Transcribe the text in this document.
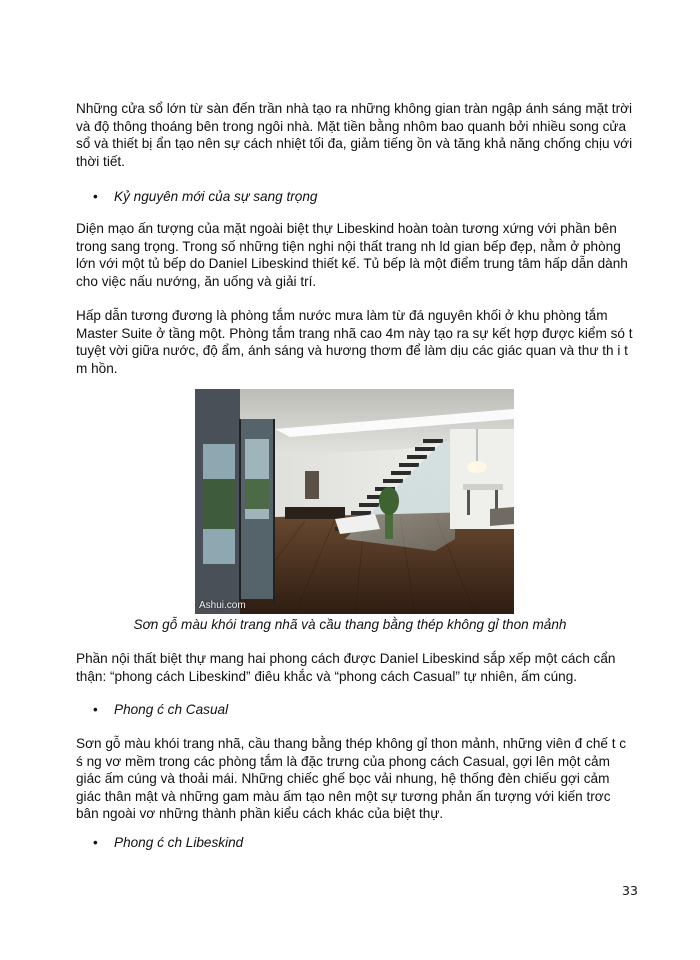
Những cửa sổ lớn từ sàn đến trần nhà tạo ra những không gian tràn ngập ánh sáng mặt trời và độ thông thoáng bên trong ngôi nhà. Mặt tiền bằng nhôm bao quanh bởi nhiều song cửa sổ và thiết bị ẩn tạo nên sự cách nhiệt tối đa, giảm tiếng ồn và tăng khả năng chống chịu với thời tiết.

• Kỷ nguyên mới của sự sang trọng

Diện mạo ấn tượng của mặt ngoài biệt thự Libeskind hoàn toàn tương xứng với phần bên trong sang trọng. Trong số những tiện nghi nội thất trang nh ld gian bếp đẹp, nằm ở phòng lớn với một tủ bếp do Daniel Libeskind thiết kế. Tủ bếp là một điểm trung tâm hấp dẫn dành cho việc nấu nướng, ăn uống và giải trí.

Hấp dẫn tương đương là phòng tắm nước mưa làm từ đá nguyên khối ở khu phòng tắm Master Suite ở tầng một. Phòng tắm trang nhã cao 4m này tạo ra sự kết hợp được kiểm só t tuyệt vời giữa nước, độ ẩm, ánh sáng và hương thơm để làm dịu các giác quan và thư th i t m hồn.

Ashui.com

Sơn gỗ màu khói trang nhã và cầu thang bằng thép không gỉ thon mảnh

Phần nội thất biệt thự mang hai phong cách được Daniel Libeskind sắp xếp một cách cẩn thận: “phong cách Libeskind” điêu khắc và “phong cách Casual” tự nhiên, ấm cúng.

• Phong ć ch Casual

Sơn gỗ màu khói trang nhã, cầu thang bằng thép không gỉ thon mảnh, những viên đ chế t c ś ng vơ mềm trong các phòng tắm là đặc trưng của phong cách Casual, gợi lên một cảm giác ấm cúng và thoải mái. Những chiếc ghế bọc vải nhung, hệ thống đèn chiếu gợi cảm giác thân mật và những gam màu ấm tạo nên một sự tương phản ấn tượng với kiến trơc bân ngoài vơ những thành phần kiểu cách khác của biệt thự.

• Phong ć ch Libeskind

33
